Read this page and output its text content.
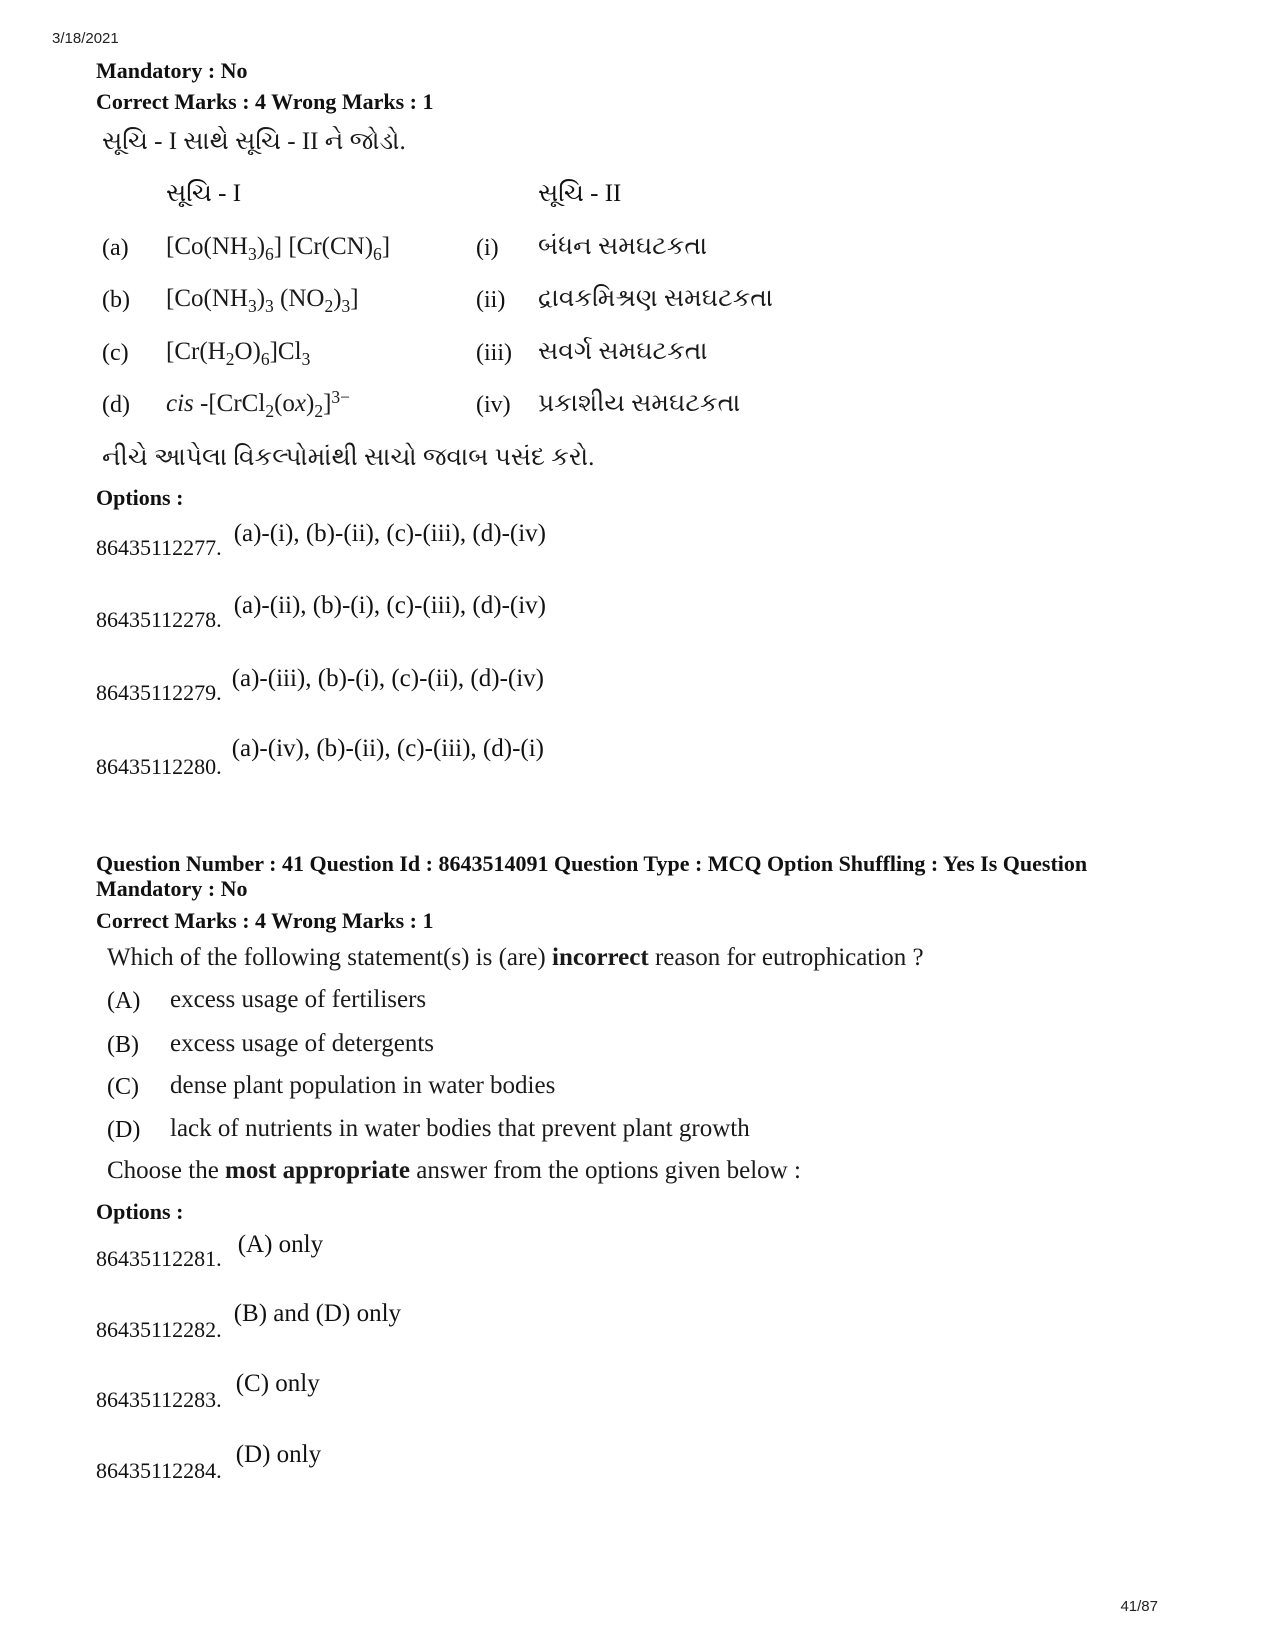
3/18/2021
41/87
Mandatory : No
Correct Marks : 4 Wrong Marks : 1
સૂચિ - I સાથે સૂચિ - II ને જોડો.
સૂચિ - I	સૂચિ - II
(a) $[Co(NH_3)_6]$ $[Cr(CN)_6]$	(i) બંધન સમઘટકતા
(b) [$Co(NH_3)_3$ $(NO_2)_3$]	(ii) દ્રાવકમિશ્રણ સમઘટકતા
(c) $[Cr(H_2O)_6]Cl_3$	(iii) સવર્ગ સમઘટકતા
(d) cis $-[CrCl_2(ox)_2]^{3-}$	(iv) પ્રકાશીય સમઘટકતા
નીચે આપેલા વિકલ્પોમાંથી સાચો જવાબ પસંદ કરો.
Options :
86435112277. (a)-(i), (b)-(ii), (c)-(iii), (d)-(iv)
86435112278. (a)-(ii), (b)-(i), (c)-(iii), (d)-(iv)
86435112279. (a)-(iii), (b)-(i), (c)-(ii), (d)-(iv)
86435112280. (a)-(iv), (b)-(ii), (c)-(iii), (d)-(i)
Question Number : 41 Question Id : 8643514091 Question Type : MCQ Option Shuffling : Yes Is Question
Mandatory : No
Correct Marks : 4 Wrong Marks : 1
Which of the following statement(s) is (are) incorrect reason for eutrophication ?
(A) excess usage of fertilisers
(B) excess usage of detergents
(C) dense plant population in water bodies
(D) lack of nutrients in water bodies that prevent plant growth
Choose the most appropriate answer from the options given below :
Options :
86435112281. (A) only
86435112282. (B) and (D) only
86435112283. (C) only
86435112284. (D) only
